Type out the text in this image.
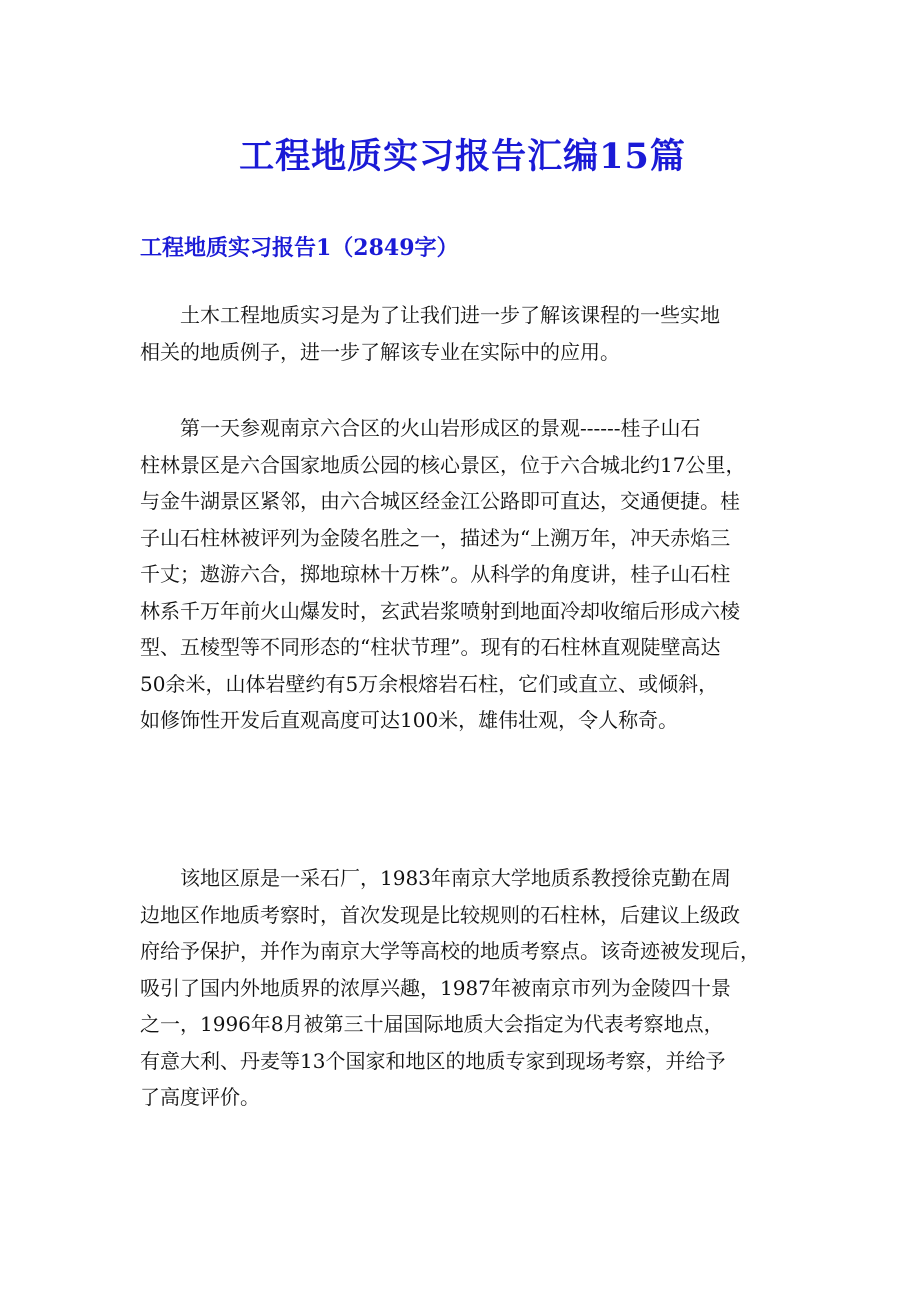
工程地质实习报告汇编15篇
工程地质实习报告1（2849字）

土木工程地质实习是为了让我们进一步了解该课程的一些实地
相关的地质例子，进一步了解该专业在实际中的应用。

第一天参观南京六合区的火山岩形成区的景观------桂子山石
柱林景区是六合国家地质公园的核心景区，位于六合城北约17公里，
与金牛湖景区紧邻，由六合城区经金江公路即可直达，交通便捷。桂
子山石柱林被评列为金陵名胜之一，描述为“上溯万年，冲天赤焰三
千丈；遨游六合，掷地琼林十万株”。从科学的角度讲，桂子山石柱
林系千万年前火山爆发时，玄武岩浆喷射到地面冷却收缩后形成六棱
型、五棱型等不同形态的“柱状节理”。现有的石柱林直观陡壁高达
50余米，山体岩壁约有5万余根熔岩石柱，它们或直立、或倾斜，
如修饰性开发后直观高度可达100米，雄伟壮观，令人称奇。

该地区原是一采石厂，1983年南京大学地质系教授徐克勤在周
边地区作地质考察时，首次发现是比较规则的石柱林，后建议上级政
府给予保护，并作为南京大学等高校的地质考察点。该奇迹被发现后，
吸引了国内外地质界的浓厚兴趣，1987年被南京市列为金陵四十景
之一，1996年8月被第三十届国际地质大会指定为代表考察地点，
有意大利、丹麦等13个国家和地区的地质专家到现场考察，并给予
了高度评价。
